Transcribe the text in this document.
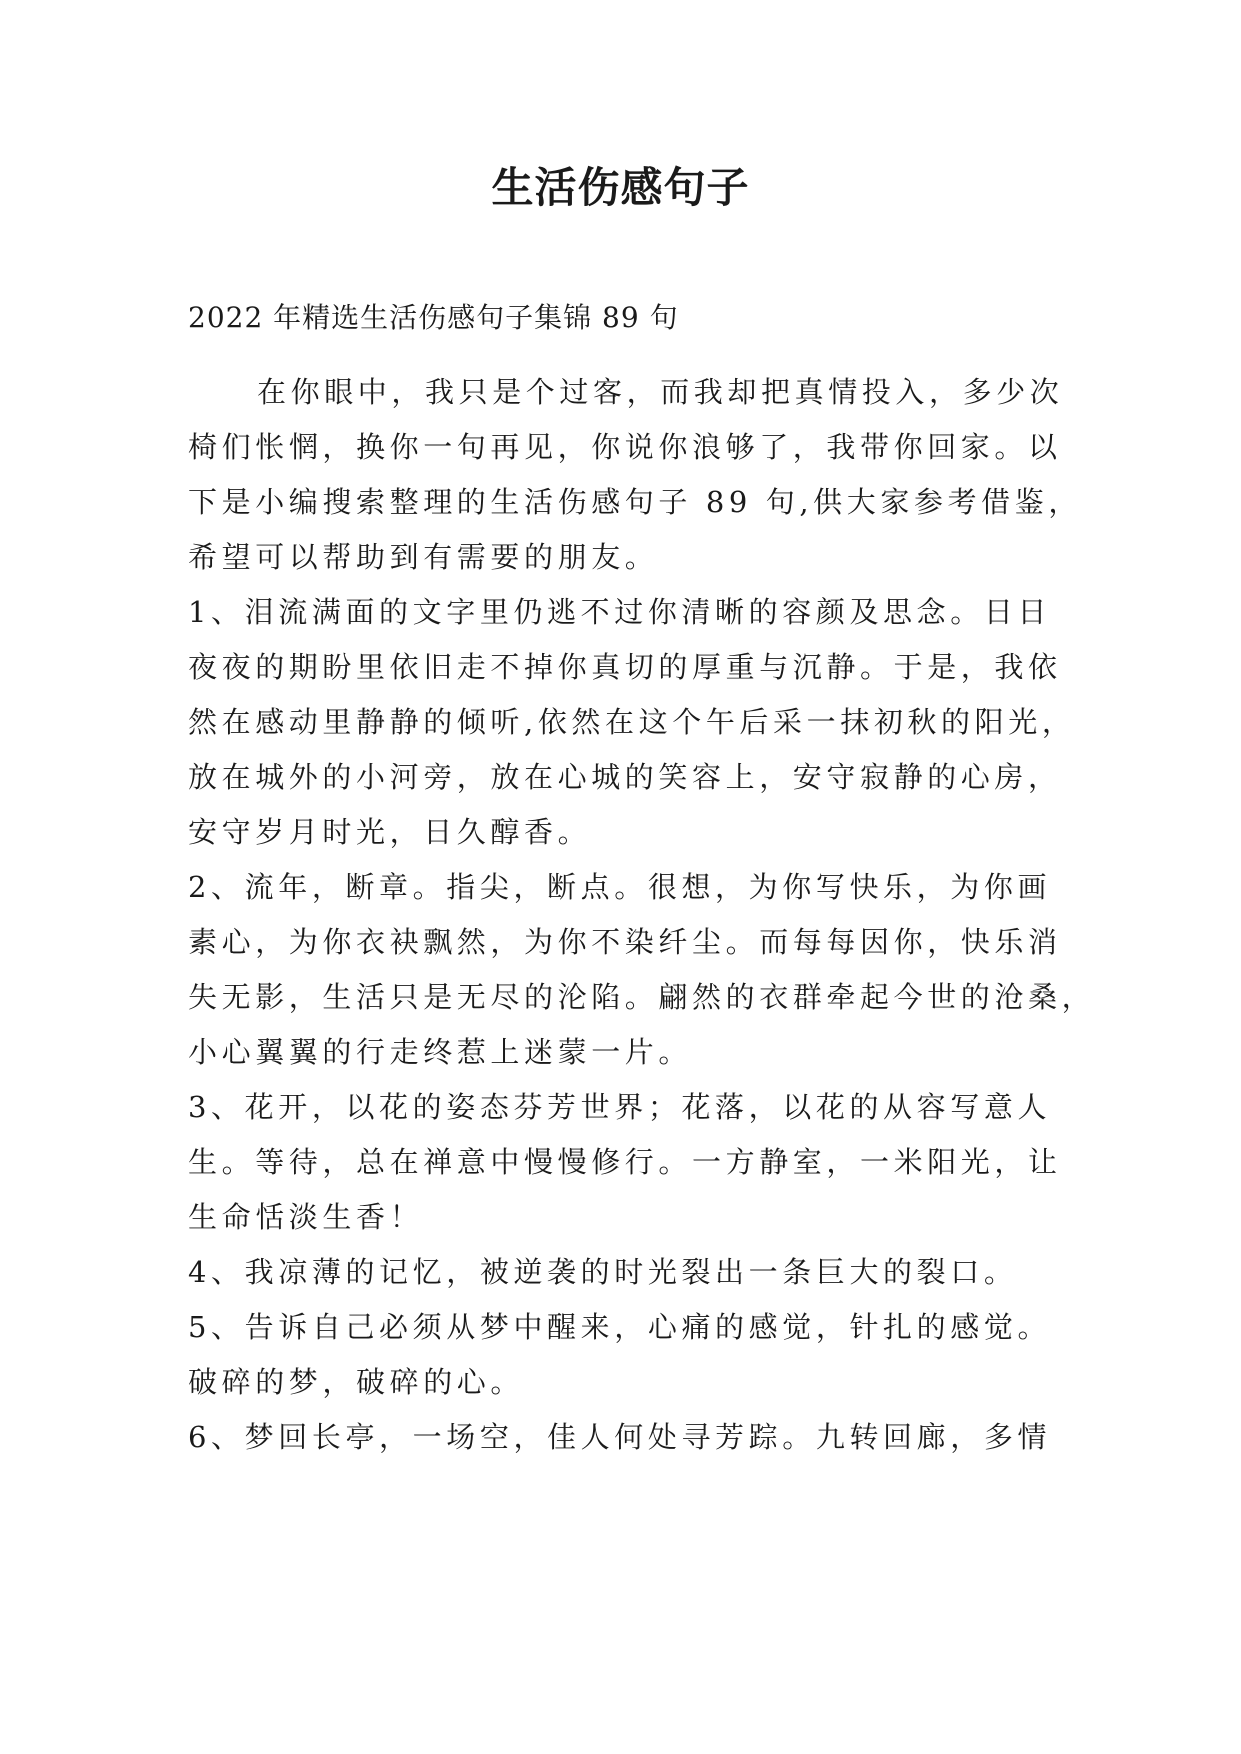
生活伤感句子
2022 年精选生活伤感句子集锦 89 句
在你眼中，我只是个过客，而我却把真情投入，多少次
椅们怅惘，换你一句再见，你说你浪够了，我带你回家。以
下是小编搜索整理的生活伤感句子 89 句,供大家参考借鉴，
希望可以帮助到有需要的朋友。
1、泪流满面的文字里仍逃不过你清晰的容颜及思念。日日
夜夜的期盼里依旧走不掉你真切的厚重与沉静。于是，我依
然在感动里静静的倾听,依然在这个午后采一抹初秋的阳光，
放在城外的小河旁，放在心城的笑容上，安守寂静的心房，
安守岁月时光，日久醇香。
2、流年，断章。指尖，断点。很想，为你写快乐，为你画
素心，为你衣袂飘然，为你不染纤尘。而每每因你，快乐消
失无影，生活只是无尽的沦陷。翩然的衣群牵起今世的沧桑，
小心翼翼的行走终惹上迷蒙一片。
3、花开，以花的姿态芬芳世界；花落，以花的从容写意人
生。等待，总在禅意中慢慢修行。一方静室，一米阳光，让
生命恬淡生香！
4、我凉薄的记忆，被逆袭的时光裂出一条巨大的裂口。
5、告诉自己必须从梦中醒来，心痛的感觉，针扎的感觉。
破碎的梦，破碎的心。
6、梦回长亭，一场空，佳人何处寻芳踪。九转回廊，多情
